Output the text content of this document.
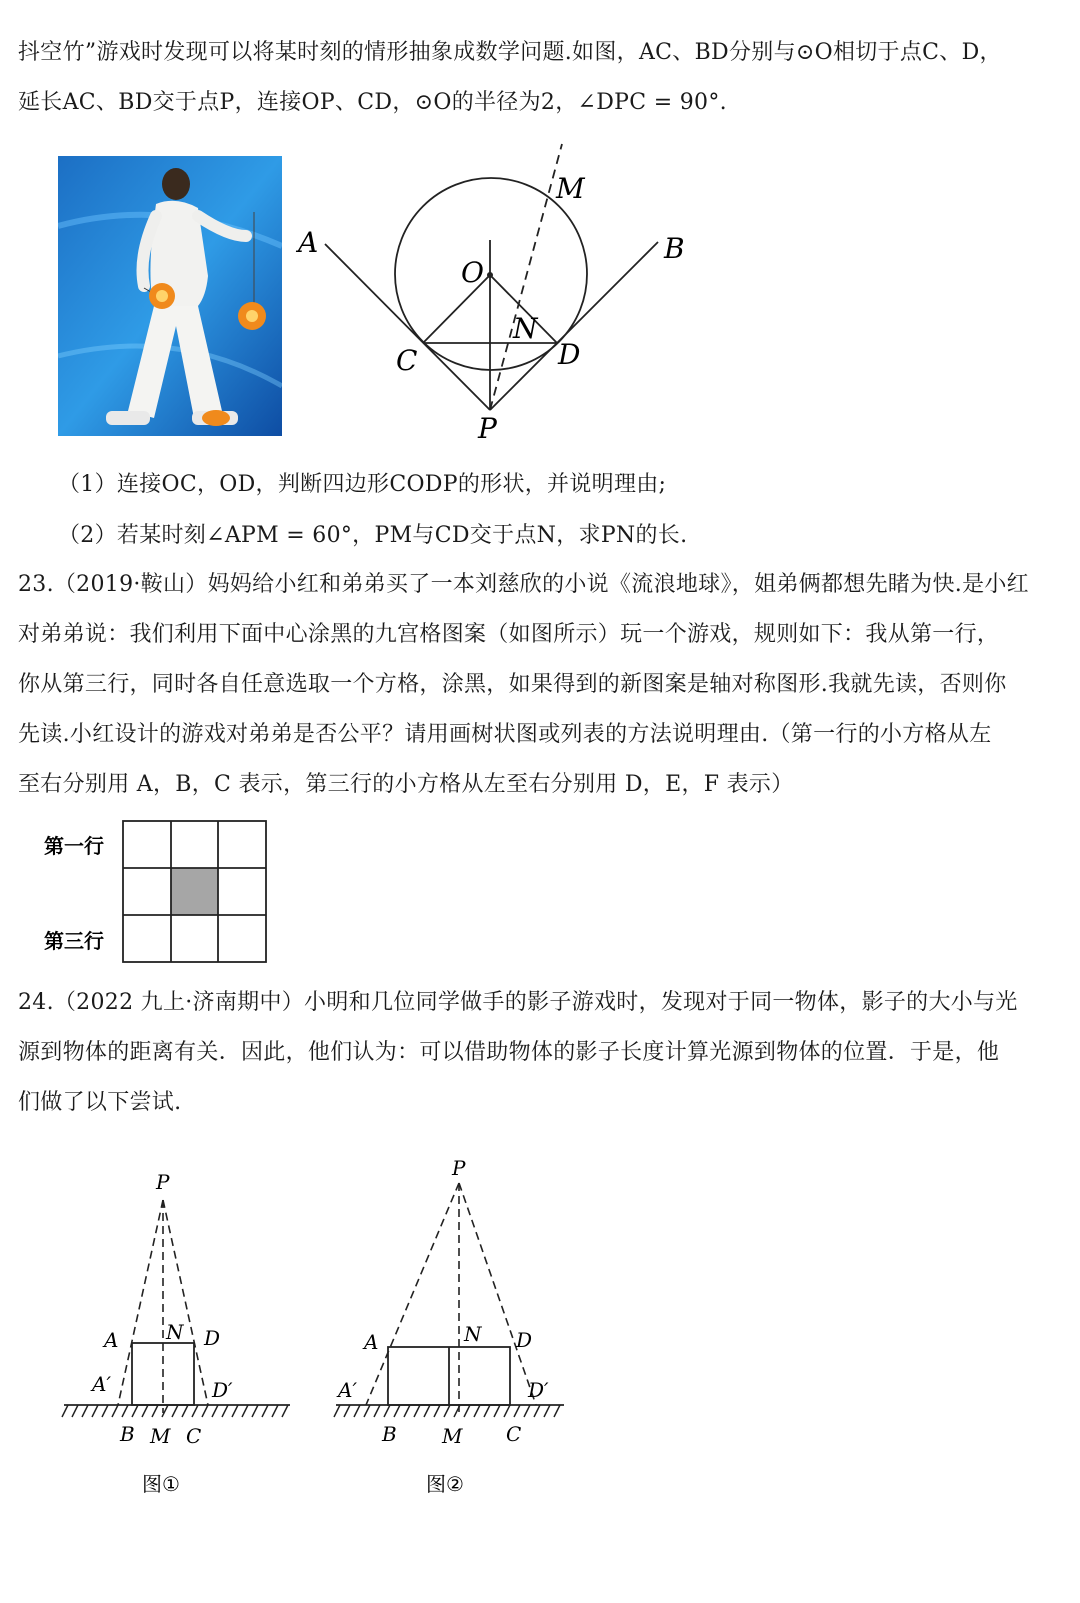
抖空竹”游戏时发现可以将某时刻的情形抽象成数学问题.如图，AC、BD分别与⊙O相切于点C、D，
延长AC、BD交于点P，连接OP、CD，⊙O的半径为2，∠DPC = 90°.
A	B
M
O
N
C	D
P
（1）连接OC，OD，判断四边形CODP的形状，并说明理由;
（2）若某时刻∠APM = 60°，PM与CD交于点N，求PN的长.
23.（2019·鞍山）妈妈给小红和弟弟买了一本刘慈欣的小说《流浪地球》，姐弟俩都想先睹为快.是小红
对弟弟说：我们利用下面中心涂黑的九宫格图案（如图所示）玩一个游戏，规则如下：我从第一行，
你从第三行，同时各自任意选取一个方格，涂黑，如果得到的新图案是轴对称图形.我就先读，否则你
先读.小红设计的游戏对弟弟是否公平？请用画树状图或列表的方法说明理由.（第一行的小方格从左
至右分别用 A，B，C 表示，第三行的小方格从左至右分别用 D，E，F 表示）
第一行
第三行
24.（2022 九上·济南期中）小明和几位同学做手的影子游戏时，发现对于同一物体，影子的大小与光
源到物体的距离有关．因此，他们认为：可以借助物体的影子长度计算光源到物体的位置．于是，他
们做了以下尝试.
P
A N D
A′	D′
B M C
图①
P
A	N D
A′	D′
B M C
图②
